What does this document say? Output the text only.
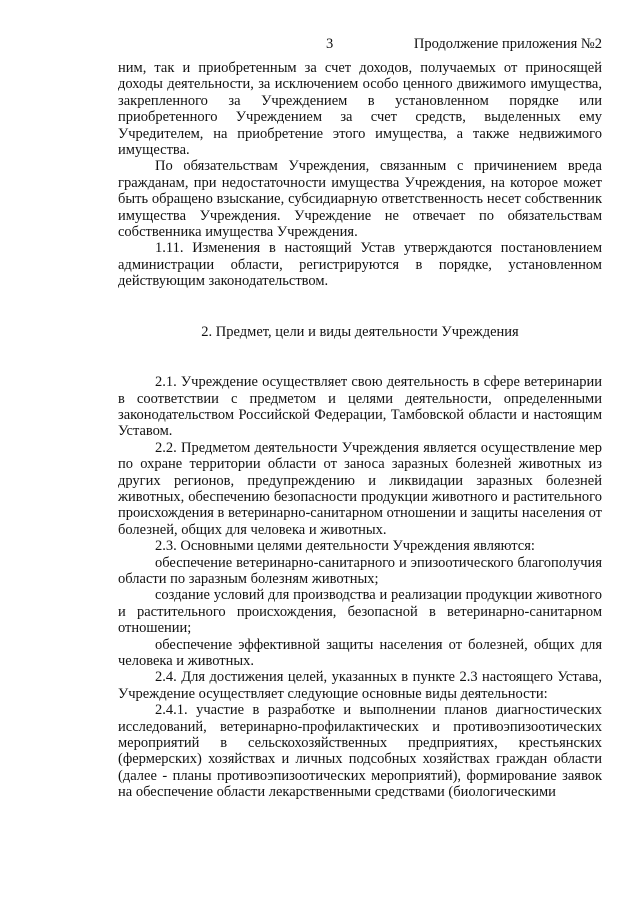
3	Продолжение приложения №2

ним, так и приобретенным за счет доходов, получаемых от приносящей доходы деятельности, за исключением особо ценного движимого имущества, закрепленного за Учреждением в установленном порядке или приобретенного Учреждением за счет средств, выделенных ему Учредителем, на приобретение этого имущества, а также недвижимого имущества.

По обязательствам Учреждения, связанным с причинением вреда гражданам, при недостаточности имущества Учреждения, на которое может быть обращено взыскание, субсидиарную ответственность несет собственник имущества Учреждения. Учреждение не отвечает по обязательствам собственника имущества Учреждения.

1.11. Изменения в настоящий Устав утверждаются постановлением администрации области, регистрируются в порядке, установленном действующим законодательством.

2. Предмет, цели и виды деятельности Учреждения

2.1. Учреждение осуществляет свою деятельность в сфере ветеринарии в соответствии с предметом и целями деятельности, определенными законодательством Российской Федерации, Тамбовской области и настоящим Уставом.

2.2. Предметом деятельности Учреждения является осуществление мер по охране территории области от заноса заразных болезней животных из других регионов, предупреждению и ликвидации заразных болезней животных, обеспечению безопасности продукции животного и растительного происхождения в ветеринарно-санитарном отношении и защиты населения от болезней, общих для человека и животных.

2.3. Основными целями деятельности Учреждения являются:

обеспечение ветеринарно-санитарного и эпизоотического благополучия области по заразным болезням животных;

создание условий для производства и реализации продукции животного и растительного происхождения, безопасной в ветеринарно-санитарном отношении;

обеспечение эффективной защиты населения от болезней, общих для человека и животных.

2.4. Для достижения целей, указанных в пункте 2.3 настоящего Устава, Учреждение осуществляет следующие основные виды деятельности:

2.4.1. участие в разработке и выполнении планов диагностических исследований, ветеринарно-профилактических и противоэпизоотических мероприятий в сельскохозяйственных предприятиях, крестьянских (фермерских) хозяйствах и личных подсобных хозяйствах граждан области (далее - планы противоэпизоотических мероприятий), формирование заявок на обеспечение области лекарственными средствами (биологическими
